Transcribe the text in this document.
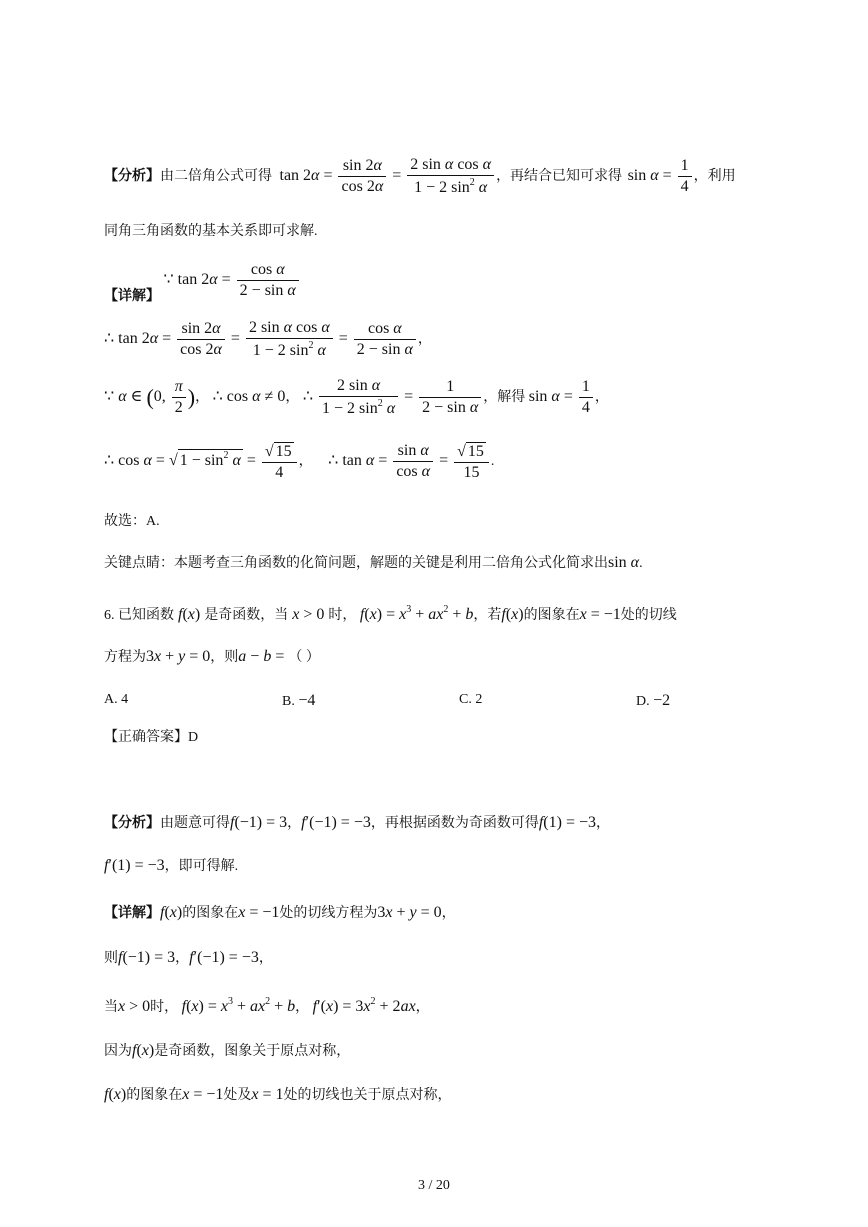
【分析】由二倍角公式可得 $\tan 2\alpha = \frac{\sin 2\alpha}{\cos 2\alpha} = \frac{\text{2 sin α cos α}}{1 - 2 \sin^2 \alpha}$ ，再结合已知可求得 $\sin \alpha = \frac{1}{4}$ ，利用
同角三角函数的基本关系即可求解.
【详解】 ∵ $\tan 2\alpha = \frac{\text{cos α}}{\text{2 − sin α}}$
∴ $\tan 2\alpha = \frac{\sin 2\alpha}{\cos 2\alpha} = \frac{\text{2 sin α cos α}}{1 - 2 \sin^2 \alpha} = \frac{\text{cos α}}{\text{2 − sin α}}$ ，
∵ α ∈ (0, $\frac{\pi}{2}$ )， ∴ cos α ≠ 0， ∴ $\frac{\text{2 sin α}}{1 - 2 \sin^2 \alpha} = \frac{1}{\text{2 − sin α}}$ ，解得 $\sin \alpha = \frac{1}{4}$ ，
∴ cos α = √ $1 - \sin^2 \alpha = \frac{√ 15}{4}$ ， ∴ $\tan \alpha = \frac{\text{sin α}}{\text{cos α}} = \frac{√ 15}{15}$ .
故选：A.
关键点睛：本题考查三角函数的化简问题，解题的关键是利用二倍角公式化简求出sin α.
6. 已知函数 f(x) 是奇函数，当 x > 0 时， $f(x) = x^3 + ax^2 + b$，若f(x)的图象在x = −1处的切线
方程为3x + y = 0，则a − b = （ ）
A. 4	B. −4	C. 2	D. −2
【正确答案】D
【分析】由题意可得f(−1) = 3，f′(−1) = −3，再根据函数为奇函数可得f(1) = −3，
f′(1) = −3，即可得解.
【详解】f(x)的图象在x = −1处的切线方程为3x + y = 0，
则f(−1) = 3，f′(−1) = −3，
当x > 0时， $f(x) = x^3 + ax^2 + b$， $f'(x) = 3x^2 + 2ax$，
因为f(x)是奇函数，图象关于原点对称，
f(x)的图象在x = −1处及x = 1处的切线也关于原点对称，
3 / 20
